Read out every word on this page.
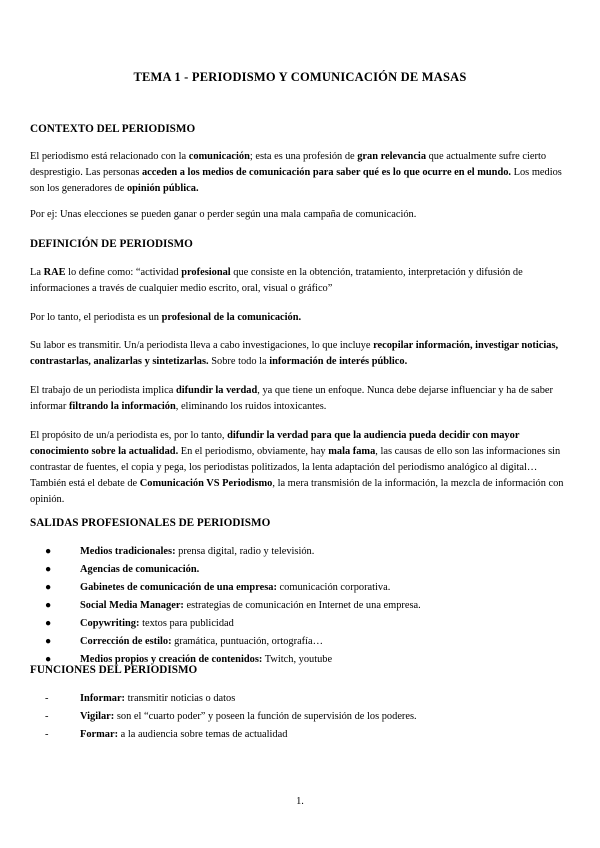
TEMA 1 - PERIODISMO Y COMUNICACIÓN DE MASAS
CONTEXTO DEL PERIODISMO
El periodismo está relacionado con la comunicación; esta es una profesión de gran relevancia que actualmente sufre cierto desprestigio. Las personas acceden a los medios de comunicación para saber qué es lo que ocurre en el mundo. Los medios son los generadores de opinión pública.
Por ej: Unas elecciones se pueden ganar o perder según una mala campaña de comunicación.
DEFINICIÓN DE PERIODISMO
La RAE lo define como: “actividad profesional que consiste en la obtención, tratamiento, interpretación y difusión de informaciones a través de cualquier medio escrito, oral, visual o gráfico”
Por lo tanto, el periodista es un profesional de la comunicación.
Su labor es transmitir. Un/a periodista lleva a cabo investigaciones, lo que incluye recopilar información, investigar noticias, contrastarlas, analizarlas y sintetizarlas. Sobre todo la información de interés público.
El trabajo de un periodista implica difundir la verdad, ya que tiene un enfoque. Nunca debe dejarse influenciar y ha de saber informar filtrando la información, eliminando los ruidos intoxicantes.
El propósito de un/a periodista es, por lo tanto, difundir la verdad para que la audiencia pueda decidir con mayor conocimiento sobre la actualidad. En el periodismo, obviamente, hay mala fama, las causas de ello son las informaciones sin contrastar de fuentes, el copia y pega, los periodistas politizados, la lenta adaptación del periodismo analógico al digital… También está el debate de Comunicación VS Periodismo, la mera transmisión de la información, la mezcla de información con opinión.
SALIDAS PROFESIONALES DE PERIODISMO
●	Medios tradicionales: prensa digital, radio y televisión.
●	Agencias de comunicación.
●	Gabinetes de comunicación de una empresa: comunicación corporativa.
●	Social Media Manager: estrategias de comunicación en Internet de una empresa.
●	Copywriting: textos para publicidad
●	Corrección de estilo: gramática, puntuación, ortografía…
●	Medios propios y creación de contenidos: Twitch, youtube
FUNCIONES DEL PERIODISMO
-	Informar: transmitir noticias o datos
-	Vigilar: son el “cuarto poder” y poseen la función de supervisión de los poderes.
-	Formar: a la audiencia sobre temas de actualidad
1.
